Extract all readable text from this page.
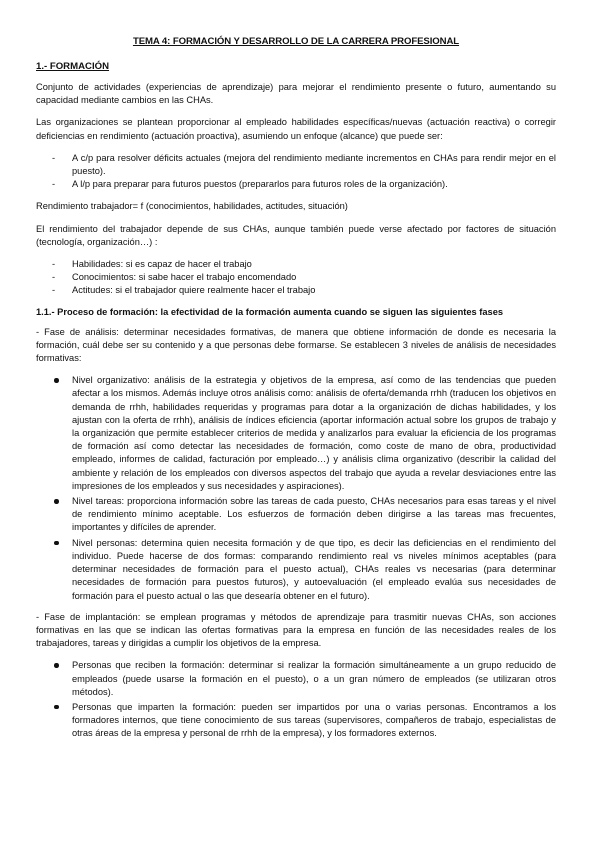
TEMA 4: FORMACIÓN Y DESARROLLO DE LA CARRERA PROFESIONAL
1.- FORMACIÓN

Conjunto de actividades (experiencias de aprendizaje) para mejorar el rendimiento presente o futuro, aumentando su capacidad mediante cambios en las CHAs.

Las organizaciones se plantean proporcionar al empleado habilidades específicas/nuevas (actuación reactiva) o corregir deficiencias en rendimiento (actuación proactiva), asumiendo un enfoque (alcance) que puede ser:

- A c/p para resolver déficits actuales (mejora del rendimiento mediante incrementos en CHAs para rendir mejor en el puesto).
- A l/p para preparar para futuros puestos (prepararlos para futuros roles de la organización).

Rendimiento trabajador= f (conocimientos, habilidades, actitudes, situación)

El rendimiento del trabajador depende de sus CHAs, aunque también puede verse afectado por factores de situación (tecnología, organización…) :

- Habilidades: si es capaz de hacer el trabajo
- Conocimientos: si sabe hacer el trabajo encomendado
- Actitudes: si el trabajador quiere realmente hacer el trabajo
1.1.- Proceso de formación: la efectividad de la formación aumenta cuando se siguen las siguientes fases

- Fase de análisis: determinar necesidades formativas, de manera que obtiene información de donde es necesaria la formación, cuál debe ser su contenido y a que personas debe formarse. Se establecen 3 niveles de análisis de necesidades formativas:

Nivel organizativo: análisis de la estrategia y objetivos de la empresa, así como de las tendencias que pueden afectar a los mismos. Además incluye otros análisis como: análisis de oferta/demanda rrhh (traducen los objetivos en demanda de rrhh, habilidades requeridas y programas para dotar a la organización de dichas habilidades, y los ajustan con la oferta de rrhh), análisis de índices eficiencia (aportar información actual sobre los grupos de trabajo y la organización que permite establecer criterios de medida y analizarlos para evaluar la eficiencia de los programas de formación así como detectar las necesidades de formación, como coste de mano de obra, productividad empleado, informes de calidad, facturación por empleado…) y análisis clima organizativo (describir la calidad del ambiente y relación de los empleados con diversos aspectos del trabajo que ayuda a revelar desviaciones entre las impresiones de los empleados y sus necesidades y aspiraciones).
Nivel tareas: proporciona información sobre las tareas de cada puesto, CHAs necesarios para esas tareas y el nivel de rendimiento mínimo aceptable. Los esfuerzos de formación deben dirigirse a las tareas mas frecuentes, importantes y difíciles de aprender.
Nivel personas: determina quien necesita formación y de que tipo, es decir las deficiencias en el rendimiento del individuo. Puede hacerse de dos formas: comparando rendimiento real vs niveles mínimos aceptables (para determinar necesidades de formación para el puesto actual), CHAs reales vs necesarias (para determinar necesidades de formación para puestos futuros), y autoevaluación (el empleado evalúa sus necesidades de formación para el puesto actual o las que desearía obtener en el futuro).

- Fase de implantación: se emplean programas y métodos de aprendizaje para trasmitir nuevas CHAs, son acciones formativas en las que se indican las ofertas formativas para la empresa en función de las necesidades reales de los trabajadores, tareas y dirigidas a cumplir los objetivos de la empresa.

Personas que reciben la formación: determinar si realizar la formación simultáneamente a un grupo reducido de empleados (puede usarse la formación en el puesto), o a un gran número de empleados (se utilizaran otros métodos).
Personas que imparten la formación: pueden ser impartidos por una o varias personas. Encontramos a los formadores internos, que tiene conocimiento de sus tareas (supervisores, compañeros de trabajo, especialistas de otras áreas de la empresa y personal de rrhh de la empresa), y los formadores externos.
